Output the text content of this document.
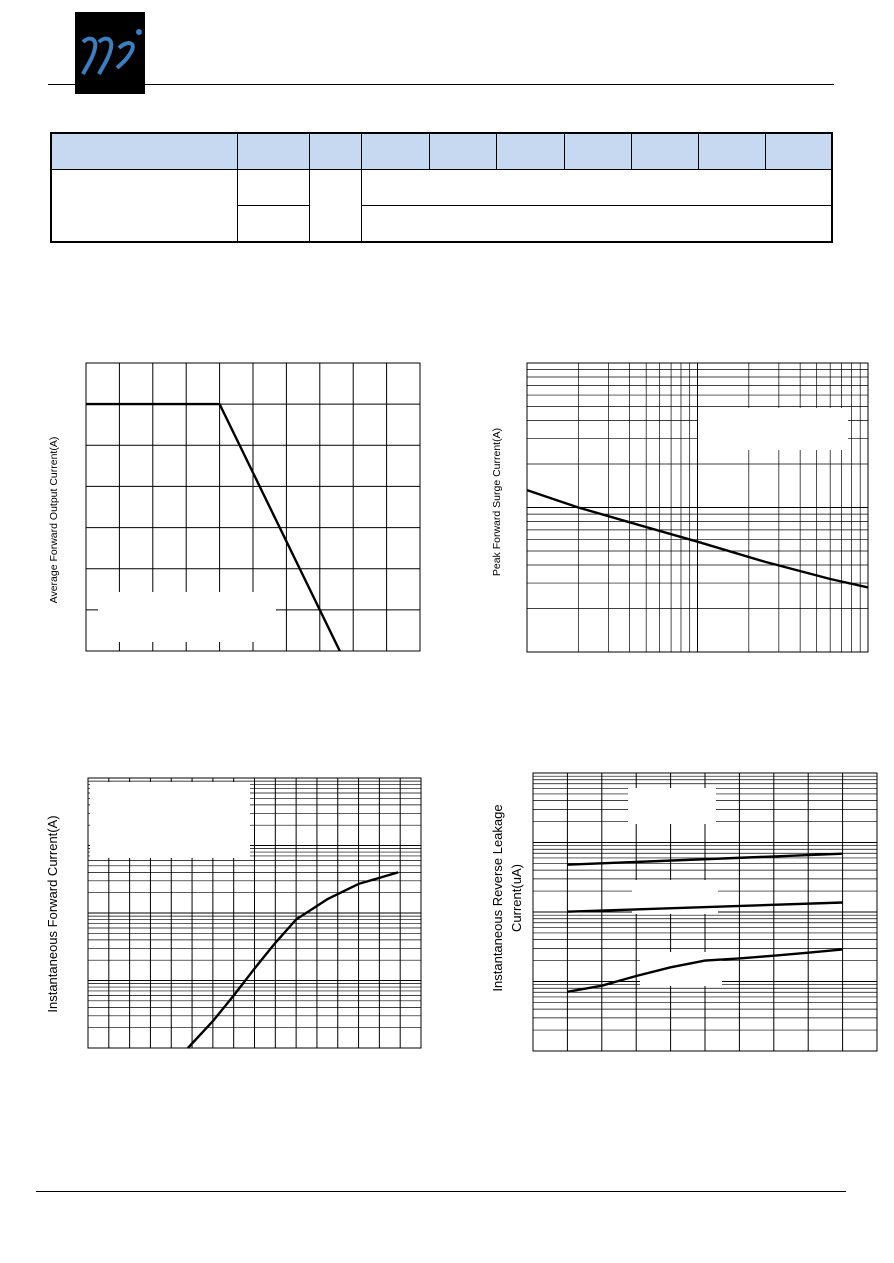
Average Forward Output Current(A)	Peak Forward Surge Current(A)
Instantaneous Forward Current(A)	Instantaneous Reverse Leakage Current(uA)
